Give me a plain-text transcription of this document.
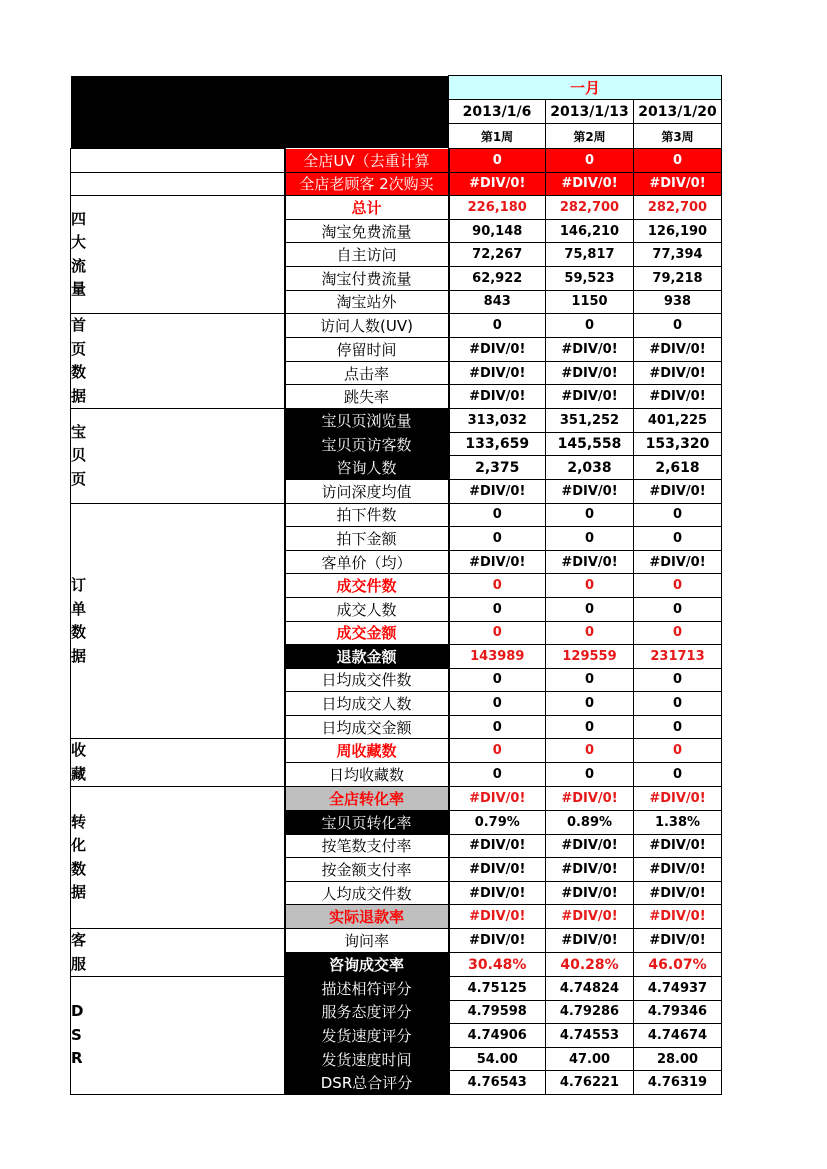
		一月		
		2013/1/6	2013/1/13	2013/1/20
		第1周	第2周	第3周
	全店UV（去重计算	0	0	0
	全店老顾客 2次购买	#DIV/0!	#DIV/0!	#DIV/0!
四
大
流
量	总计	226,180	282,700	282,700
	淘宝免费流量	90,148	146,210	126,190
	自主访问	72,267	75,817	77,394
	淘宝付费流量	62,922	59,523	79,218
	淘宝站外	843	1150	938
首
页
数
据	访问人数(UV)	0	0	0
	停留时间	#DIV/0!	#DIV/0!	#DIV/0!
	点击率	#DIV/0!	#DIV/0!	#DIV/0!
	跳失率	#DIV/0!	#DIV/0!	#DIV/0!
宝
贝
页	宝贝页浏览量	313,032	351,252	401,225
	宝贝页访客数	133,659	145,558	153,320
	咨询人数	2,375	2,038	2,618
	访问深度均值	#DIV/0!	#DIV/0!	#DIV/0!
订
单
数
据	拍下件数	0	0	0
	拍下金额	0	0	0
	客单价（均）	#DIV/0!	#DIV/0!	#DIV/0!
	成交件数	0	0	0
	成交人数	0	0	0
	成交金额	0	0	0
	退款金额	143989	129559	231713
	日均成交件数	0	0	0
	日均成交人数	0	0	0
	日均成交金额	0	0	0
收
藏	周收藏数	0	0	0
	日均收藏数	0	0	0
转
化
数
据	全店转化率	#DIV/0!	#DIV/0!	#DIV/0!
	宝贝页转化率	0.79%	0.89%	1.38%
	按笔数支付率	#DIV/0!	#DIV/0!	#DIV/0!
	按金额支付率	#DIV/0!	#DIV/0!	#DIV/0!
	人均成交件数	#DIV/0!	#DIV/0!	#DIV/0!
	实际退款率	#DIV/0!	#DIV/0!	#DIV/0!
客
服	询问率	#DIV/0!	#DIV/0!	#DIV/0!
	咨询成交率	30.48%	40.28%	46.07%
D
S
R	描述相符评分	4.75125	4.74824	4.74937
	服务态度评分	4.79598	4.79286	4.79346
	发货速度评分	4.74906	4.74553	4.74674
	发货速度时间	54.00	47.00	28.00
	DSR总合评分	4.76543	4.76221	4.76319
